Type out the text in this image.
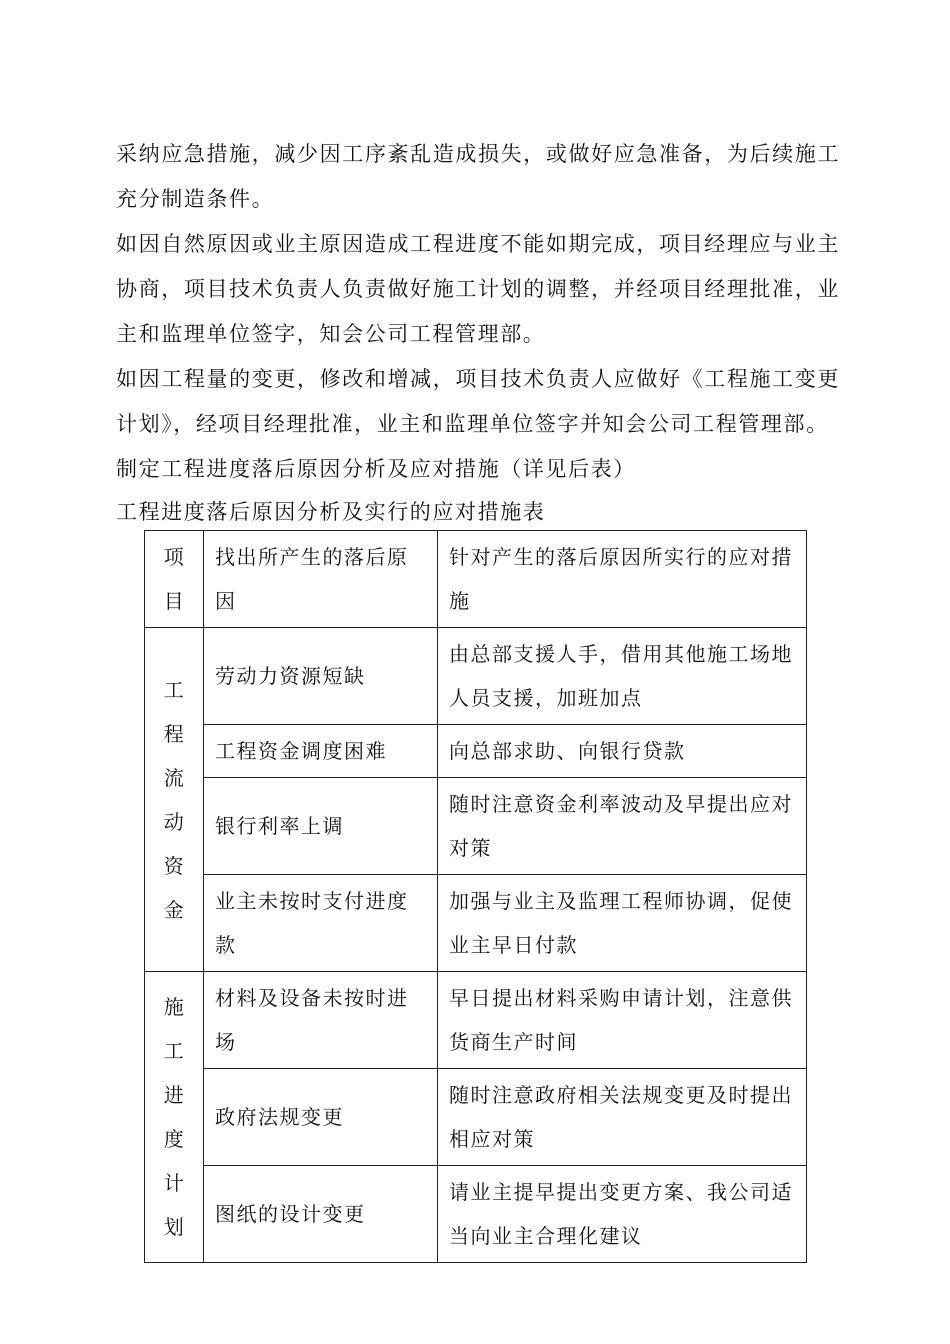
采纳应急措施，减少因工序紊乱造成损失，或做好应急准备，为后续施工充分制造条件。

如因自然原因或业主原因造成工程进度不能如期完成，项目经理应与业主协商，项目技术负责人负责做好施工计划的调整，并经项目经理批准，业主和监理单位签字，知会公司工程管理部。

如因工程量的变更，修改和增减，项目技术负责人应做好《工程施工变更计划》，经项目经理批准，业主和监理单位签字并知会公司工程管理部。

制定工程进度落后原因分析及应对措施（详见后表）

工程进度落后原因分析及实行的应对措施表

项目	找出所产生的落后原因	针对产生的落后原因所实行的应对措施
工程流动资金	劳动力资源短缺	由总部支援人手，借用其他施工场地人员支援，加班加点
	工程资金调度困难	向总部求助、向银行贷款
	银行利率上调	随时注意资金利率波动及早提出应对对策
	业主未按时支付进度款	加强与业主及监理工程师协调，促使业主早日付款
施工进度计划	材料及设备未按时进场	早日提出材料采购申请计划，注意供货商生产时间
	政府法规变更	随时注意政府相关法规变更及时提出相应对策
	图纸的设计变更	请业主提早提出变更方案、我公司适当向业主合理化建议
